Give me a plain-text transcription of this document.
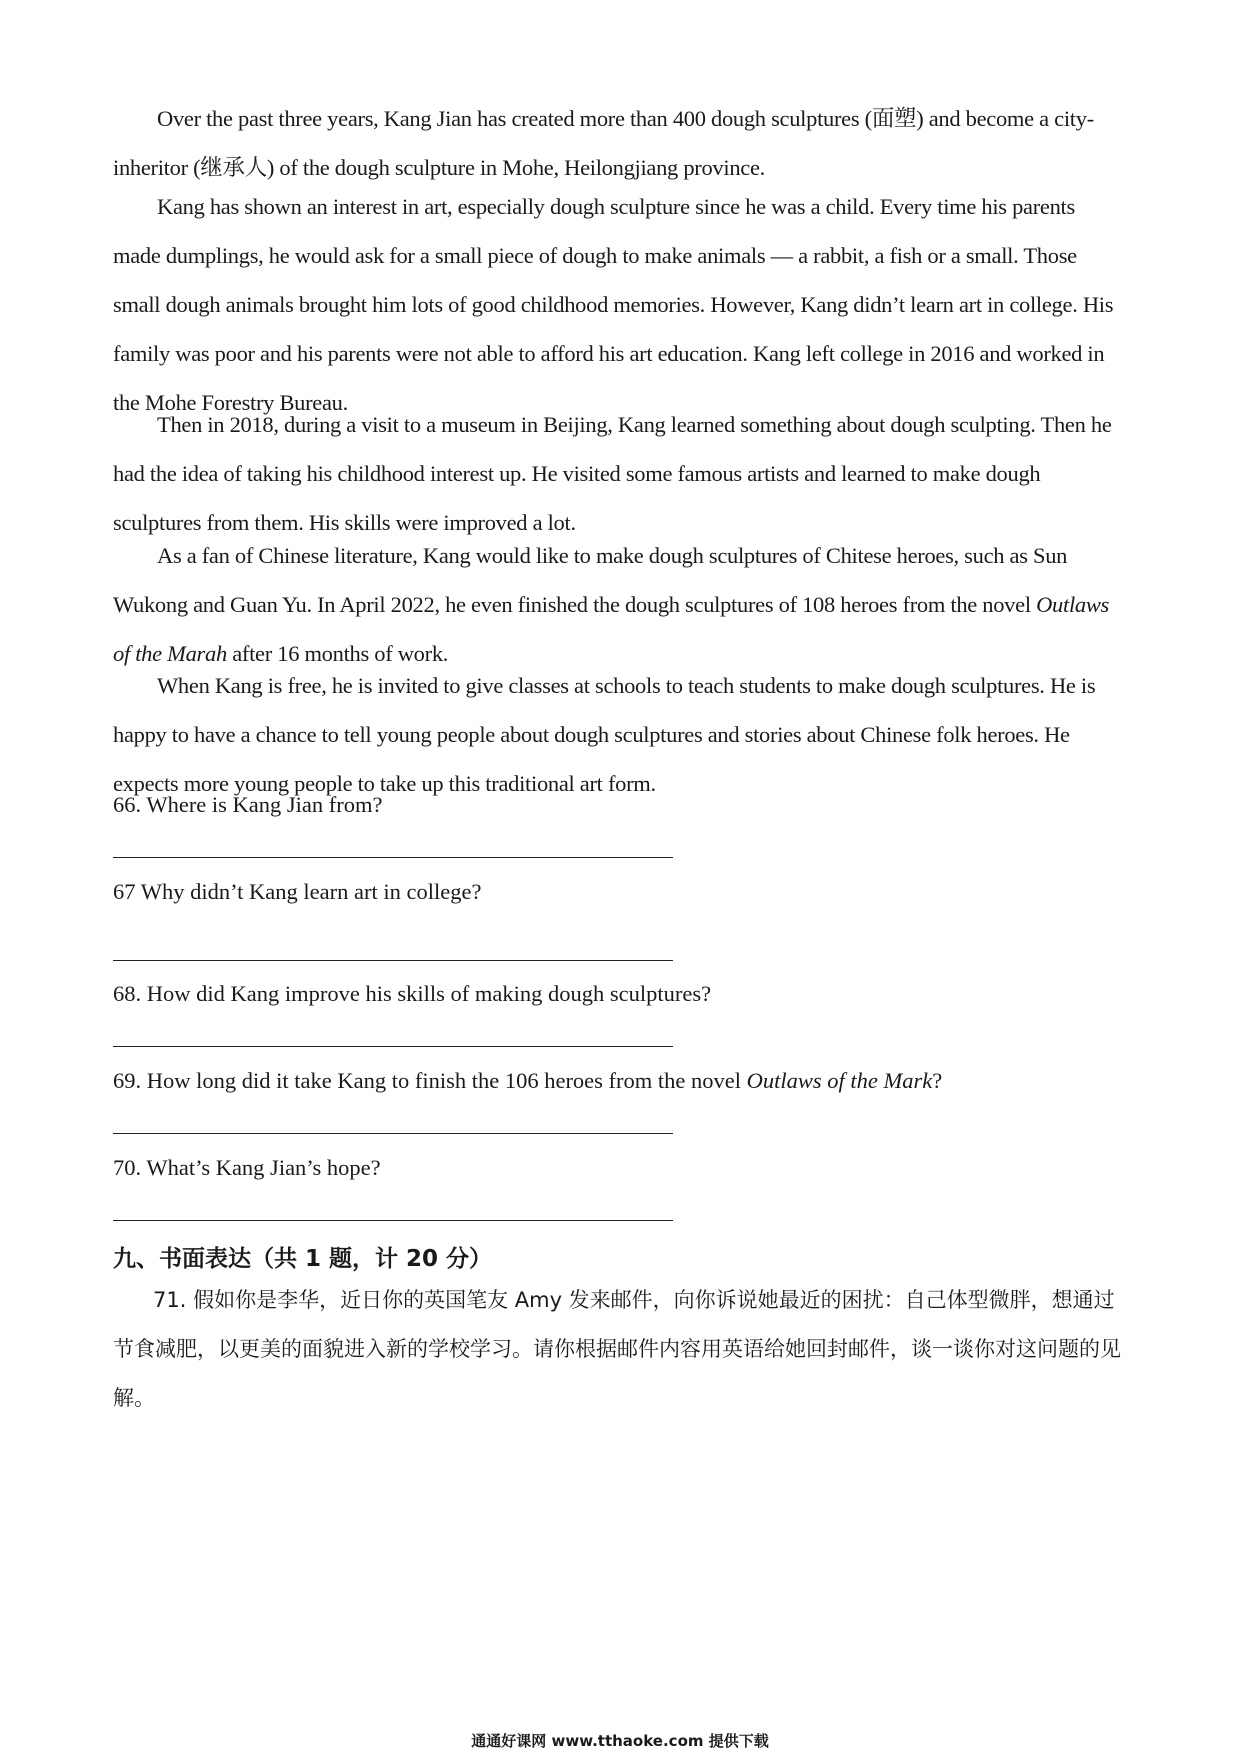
Over the past three years, Kang Jian has created more than 400 dough sculptures (面塑) and become a city-inheritor (继承人) of the dough sculpture in Mohe, Heilongjiang province.

Kang has shown an interest in art, especially dough sculpture since he was a child. Every time his parents made dumplings, he would ask for a small piece of dough to make animals — a rabbit, a fish or a small. Those small dough animals brought him lots of good childhood memories. However, Kang didn’t learn art in college. His family was poor and his parents were not able to afford his art education. Kang left college in 2016 and worked in the Mohe Forestry Bureau.

Then in 2018, during a visit to a museum in Beijing, Kang learned something about dough sculpting. Then he had the idea of taking his childhood interest up. He visited some famous artists and learned to make dough sculptures from them. His skills were improved a lot.

As a fan of Chinese literature, Kang would like to make dough sculptures of Chitese heroes, such as Sun Wukong and Guan Yu. In April 2022, he even finished the dough sculptures of 108 heroes from the novel Outlaws of the Marah after 16 months of work.

When Kang is free, he is invited to give classes at schools to teach students to make dough sculptures. He is happy to have a chance to tell young people about dough sculptures and stories about Chinese folk heroes. He expects more young people to take up this traditional art form.

66. Where is Kang Jian from?

67 Why didn’t Kang learn art in college?

68. How did Kang improve his skills of making dough sculptures?

69. How long did it take Kang to finish the 106 heroes from the novel Outlaws of the Mark?

70. What’s Kang Jian’s hope?

九、书面表达（共 1 题，计 20 分）

71. 假如你是李华，近日你的英国笔友 Amy 发来邮件，向你诉说她最近的困扰：自己体型微胖，想通过节食减肥，以更美的面貌进入新的学校学习。请你根据邮件内容用英语给她回封邮件，谈一谈你对这问题的见解。

通通好课网 www.tthaoke.com 提供下载
